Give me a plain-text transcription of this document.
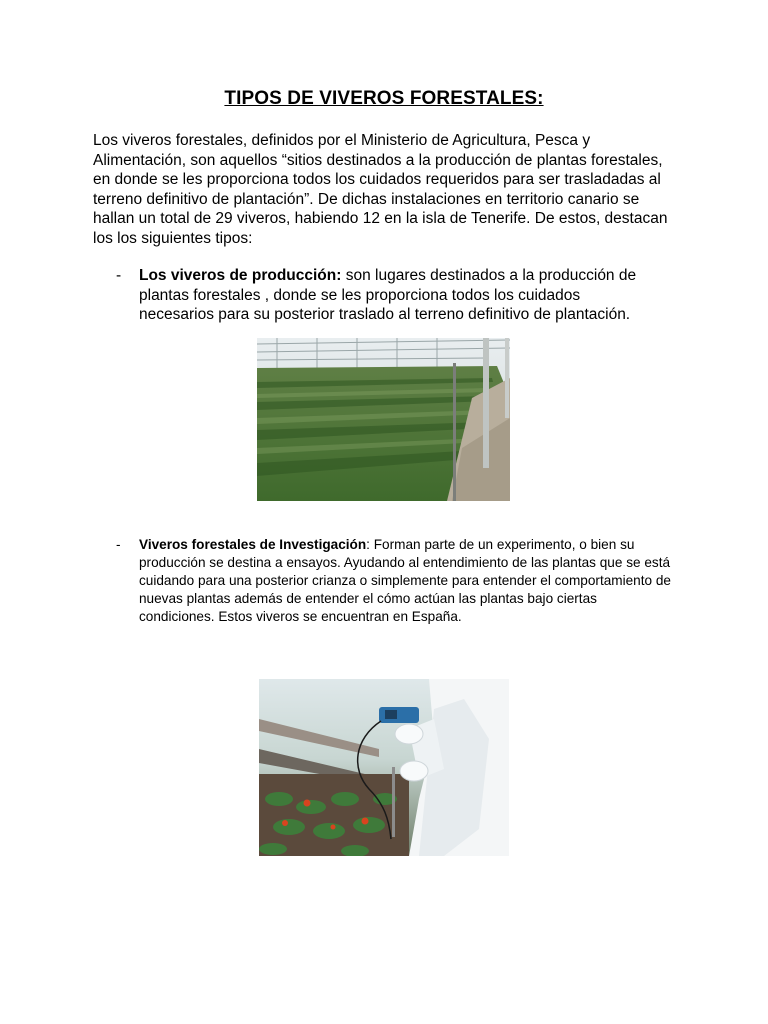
TIPOS DE VIVEROS FORESTALES:

Los viveros forestales, definidos por el Ministerio de Agricultura, Pesca y Alimentación, son aquellos “sitios destinados a la producción de plantas forestales, en donde se les proporciona todos los cuidados requeridos para ser trasladadas al terreno definitivo de plantación”. De dichas instalaciones en territorio canario se hallan un total de 29 viveros, habiendo 12 en la isla de Tenerife. De estos, destacan los los siguientes tipos:

- Los viveros de producción: son lugares destinados a la producción de plantas forestales , donde se les proporciona todos los cuidados necesarios para su posterior traslado al terreno definitivo de plantación.
- Viveros forestales de Investigación: Forman parte de un experimento, o bien su producción se destina a ensayos. Ayudando al entendimiento de las plantas que se está cuidando para una posterior crianza o simplemente para entender el comportamiento de nuevas plantas además de entender el cómo actúan las plantas bajo ciertas condiciones. Estos viveros se encuentran en España.
